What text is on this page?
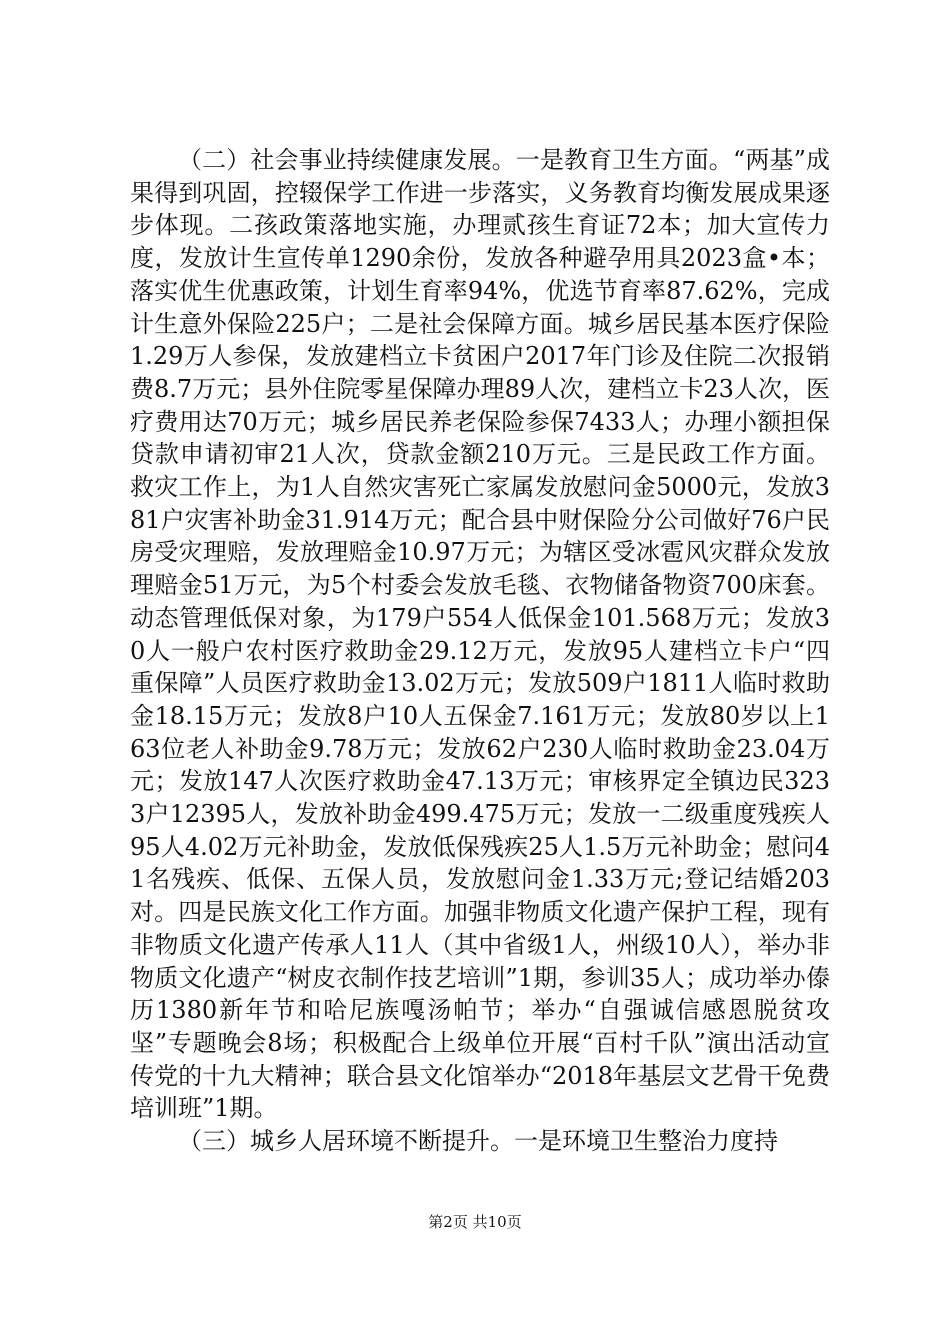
（二）社会事业持续健康发展。一是教育卫生方面。“两基”成果得到巩固，控辍保学工作进一步落实，义务教育均衡发展成果逐步体现。二孩政策落地实施，办理贰孩生育证72本；加大宣传力度，发放计生宣传单1290余份，发放各种避孕用具2023盒•本；落实优生优惠政策，计划生育率94%，优选节育率87.62%，完成计生意外保险225户；二是社会保障方面。城乡居民基本医疗保险1.29万人参保，发放建档立卡贫困户2017年门诊及住院二次报销费8.7万元；县外住院零星保障办理89人次，建档立卡23人次，医疗费用达70万元；城乡居民养老保险参保7433人；办理小额担保贷款申请初审21人次，贷款金额210万元。三是民政工作方面。救灾工作上，为1人自然灾害死亡家属发放慰问金5000元，发放381户灾害补助金31.914万元；配合县中财保险分公司做好76户民房受灾理赔，发放理赔金10.97万元；为辖区受冰雹风灾群众发放理赔金51万元，为5个村委会发放毛毯、衣物储备物资700床套。动态管理低保对象，为179户554人低保金101.568万元；发放30人一般户农村医疗救助金29.12万元，发放95人建档立卡户“四重保障”人员医疗救助金13.02万元；发放509户1811人临时救助金18.15万元；发放8户10人五保金7.161万元；发放80岁以上163位老人补助金9.78万元；发放62户230人临时救助金23.04万元；发放147人次医疗救助金47.13万元；审核界定全镇边民3233户12395人，发放补助金499.475万元；发放一二级重度残疾人95人4.02万元补助金，发放低保残疾25人1.5万元补助金；慰问41名残疾、低保、五保人员，发放慰问金1.33万元;登记结婚203对。四是民族文化工作方面。加强非物质文化遗产保护工程，现有非物质文化遗产传承人11人（其中省级1人，州级10人），举办非物质文化遗产“树皮衣制作技艺培训”1期，参训35人；成功举办傣历1380新年节和哈尼族嘎汤帕节；举办“自强诚信感恩脱贫攻坚”专题晚会8场；积极配合上级单位开展“百村千队”演出活动宣传党的十九大精神；联合县文化馆举办“2018年基层文艺骨干免费培训班”1期。

（三）城乡人居环境不断提升。一是环境卫生整治力度持

第2页 共10页
